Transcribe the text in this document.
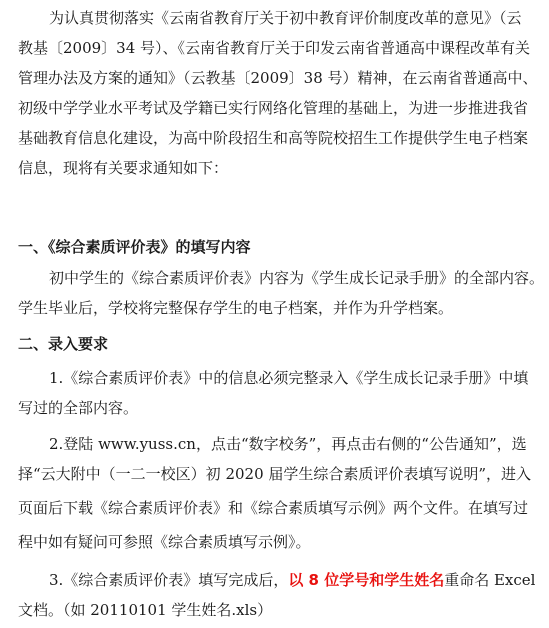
为认真贯彻落实《云南省教育厅关于初中教育评价制度改革的意见》（云
教基〔2009〕34 号）、《云南省教育厅关于印发云南省普通高中课程改革有关
管理办法及方案的通知》（云教基〔2009〕38 号）精神，在云南省普通高中、
初级中学学业水平考试及学籍已实行网络化管理的基础上，为进一步推进我省
基础教育信息化建设，为高中阶段招生和高等院校招生工作提供学生电子档案
信息，现将有关要求通知如下：
一、《综合素质评价表》的填写内容
初中学生的《综合素质评价表》内容为《学生成长记录手册》的全部内容。
学生毕业后，学校将完整保存学生的电子档案，并作为升学档案。
二、录入要求
1.《综合素质评价表》中的信息必须完整录入《学生成长记录手册》中填
写过的全部内容。
2.登陆 www.yuss.cn，点击“数字校务”，再点击右侧的“公告通知”，选
择“云大附中（一二一校区）初 2020 届学生综合素质评价表填写说明”，进入
页面后下载《综合素质评价表》和《综合素质填写示例》两个文件。在填写过
程中如有疑问可参照《综合素质填写示例》。
3.《综合素质评价表》填写完成后，以 8 位学号和学生姓名重命名 Excel
文档。（如 20110101 学生姓名.xls）
